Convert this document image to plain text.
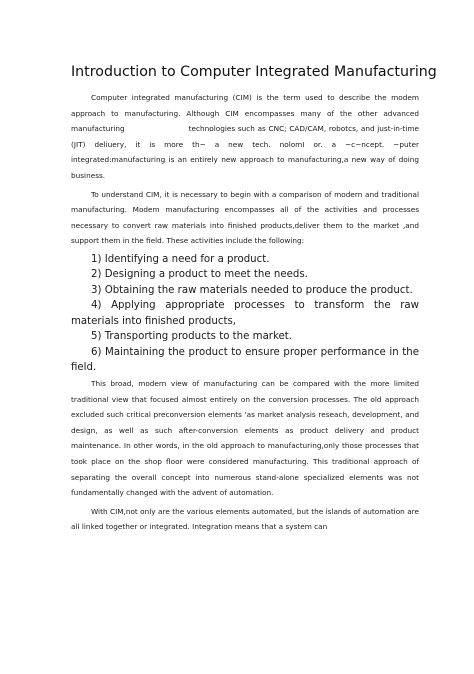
Introduction to Computer Integrated Manufacturing

Computer integrated manufacturing (CIM) is the term used to describe the modem approach to manufacturing. Although CIM encompasses many of the other advanced manufacturing	technologies such as CNC; CAD/CAM, robotcs, and just-in-time (JIT) deliuery, it is more th~ a new tech. nolomI or. a ~c~ncept. ~puter integrated:manufacturing is an entirely new approach to manufacturing,a new way of doing business.

To understand CIM, it is necessary to begin with a comparison of modern and traditional manufacturing. Modem manufacturing encompasses all of the activities and processes necessary to convert raw materials into finished products,deliver them to the market ,and support them in the field. These activities include the following:

1) Identifying a need for a product.

2) Designing a product to meet the needs.

3) Obtaining the raw materials needed to produce the product.

4) Applying appropriate processes to transform the raw materials into finished products,

5) Transporting products to the market.

6) Maintaining the product to ensure proper performance in the field.

This broad, modern view of manufacturing can be compared with the more limited traditional view that focused almost entirely on the conversion processes. The old approach excluded such critical preconversion elements 'as market analysis reseach, development, and design, as well as such after-conversion elements as product delivery and product maintenance. In other words, in the old approach to manufacturing,only those processes that took place on the shop floor were considered manufacturing. This traditional approach of separating the overall concept into numerous stand-alone specialized elements was not fundamentally changed with the advent of automation.

With CIM,not only are the various elements automated, but the islands of automation are all linked together or integrated. Integration means that a system can
